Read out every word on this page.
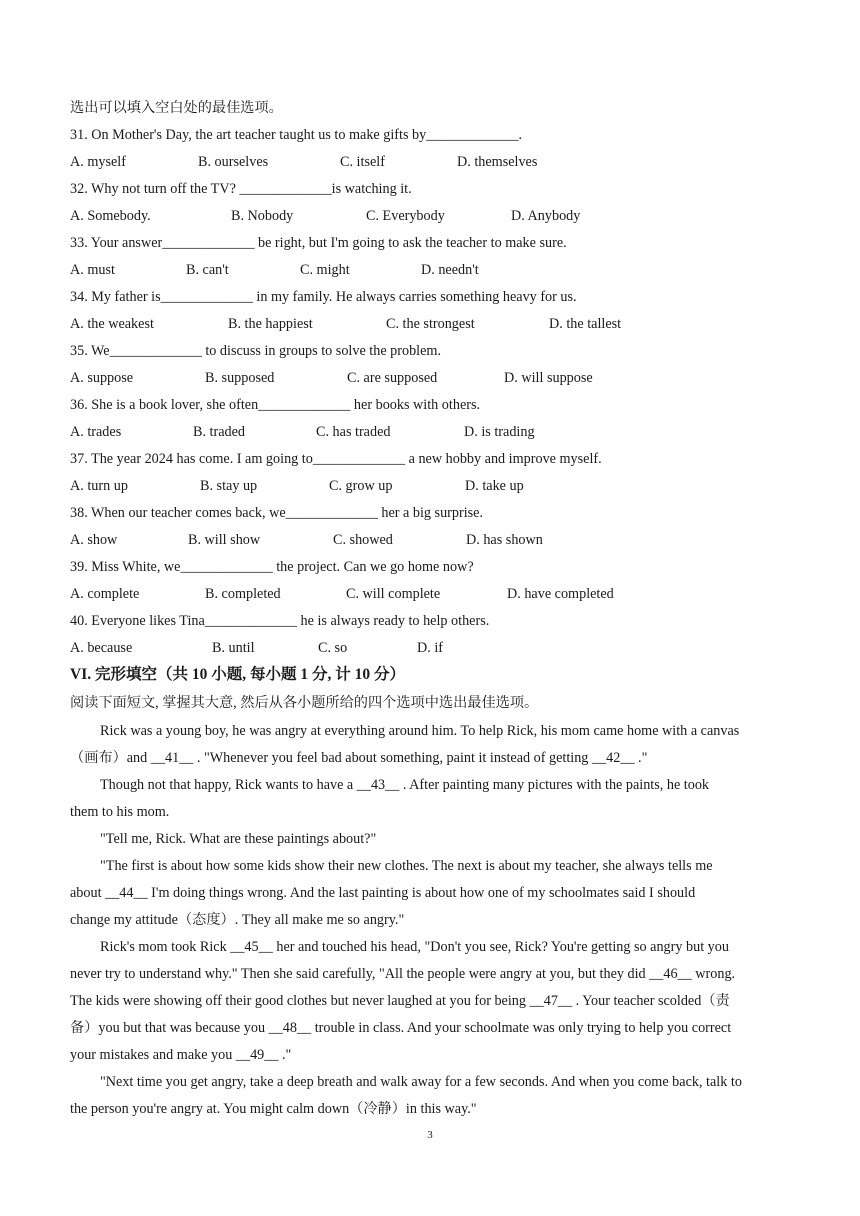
选出可以填入空白处的最佳选项。
31. On Mother's Day, the art teacher taught us to make gifts by_____________.
A. myself	B. ourselves	C. itself	D. themselves
32. Why not turn off the TV? _____________is watching it.
A. Somebody.	B. Nobody	C. Everybody	D. Anybody
33. Your answer_____________ be right, but I'm going to ask the teacher to make sure.
A. must	B. can't	C. might	D. needn't
34. My father is_____________ in my family. He always carries something heavy for us.
A. the weakest	B. the happiest	C. the strongest	D. the tallest
35. We_____________ to discuss in groups to solve the problem.
A. suppose	B. supposed	C. are supposed	D. will suppose
36. She is a book lover, she often_____________ her books with others.
A. trades	B. traded	C. has traded	D. is trading
37. The year 2024 has come. I am going to_____________ a new hobby and improve myself.
A. turn up	B. stay up	C. grow up	D. take up
38. When our teacher comes back, we_____________ her a big surprise.
A. show	B. will show	C. showed	D. has shown
39. Miss White, we_____________ the project. Can we go home now?
A. complete	B. completed	C. will complete	D. have completed
40. Everyone likes Tina_____________ he is always ready to help others.
A. because	B. until	C. so	D. if
VI. 完形填空（共 10 小题, 每小题 1 分, 计 10 分）
阅读下面短文, 掌握其大意, 然后从各小题所给的四个选项中选出最佳选项。
Rick was a young boy, he was angry at everything around him. To help Rick, his mom came home with a canvas
（画布）and __41__ . "Whenever you feel bad about something, paint it instead of getting __42__ ."
Though not that happy, Rick wants to have a __43__ . After painting many pictures with the paints, he took
them to his mom.
"Tell me, Rick. What are these paintings about?"
"The first is about how some kids show their new clothes. The next is about my teacher, she always tells me
about __44__ I'm doing things wrong. And the last painting is about how one of my schoolmates said I should
change my attitude（态度）. They all make me so angry."
Rick's mom took Rick __45__ her and touched his head, "Don't you see, Rick? You're getting so angry but you
never try to understand why." Then she said carefully, "All the people were angry at you, but they did __46__ wrong.
The kids were showing off their good clothes but never laughed at you for being __47__ . Your teacher scolded（责
备）you but that was because you __48__ trouble in class. And your schoolmate was only trying to help you correct
your mistakes and make you __49__ ."
"Next time you get angry, take a deep breath and walk away for a few seconds. And when you come back, talk to
the person you're angry at. You might calm down（冷静）in this way."
3
